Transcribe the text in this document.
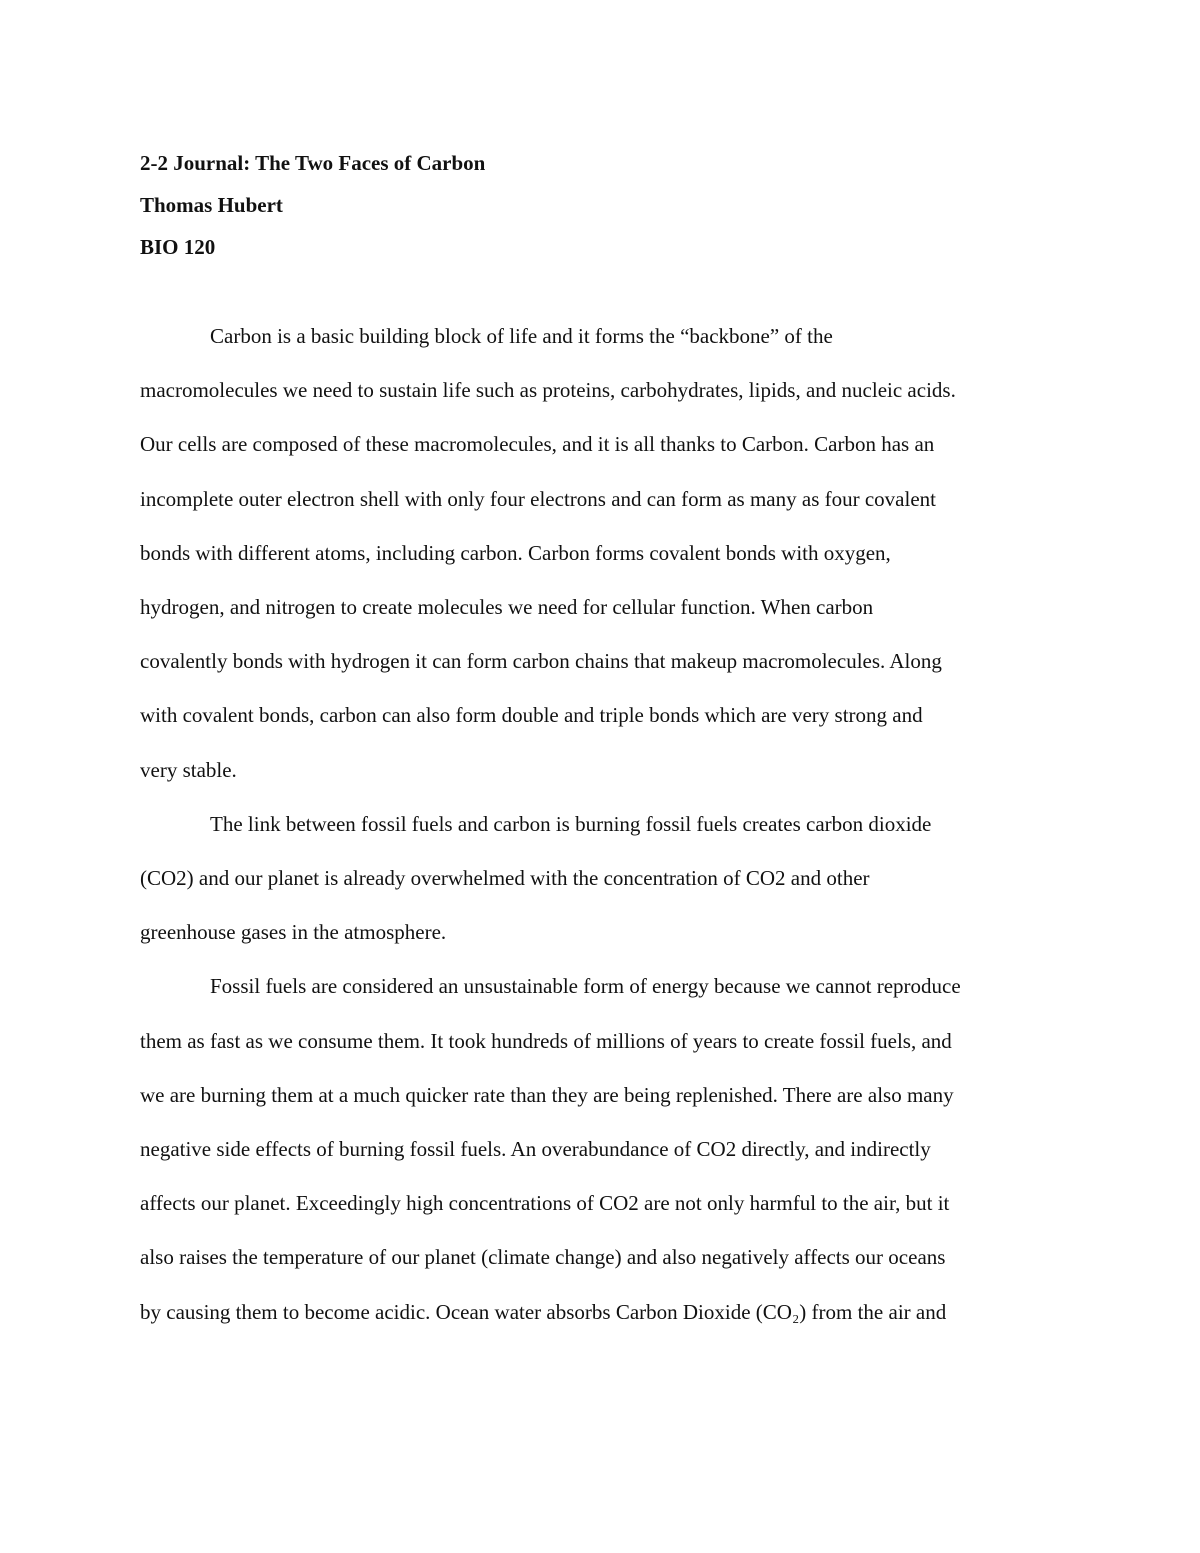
2-2 Journal: The Two Faces of Carbon
Thomas Hubert
BIO 120

Carbon is a basic building block of life and it forms the “backbone” of the
macromolecules we need to sustain life such as proteins, carbohydrates, lipids, and nucleic acids.
Our cells are composed of these macromolecules, and it is all thanks to Carbon. Carbon has an
incomplete outer electron shell with only four electrons and can form as many as four covalent
bonds with different atoms, including carbon. Carbon forms covalent bonds with oxygen,
hydrogen, and nitrogen to create molecules we need for cellular function. When carbon
covalently bonds with hydrogen it can form carbon chains that makeup macromolecules. Along
with covalent bonds, carbon can also form double and triple bonds which are very strong and
very stable.

The link between fossil fuels and carbon is burning fossil fuels creates carbon dioxide
(CO2) and our planet is already overwhelmed with the concentration of CO2 and other
greenhouse gases in the atmosphere.

Fossil fuels are considered an unsustainable form of energy because we cannot reproduce
them as fast as we consume them. It took hundreds of millions of years to create fossil fuels, and
we are burning them at a much quicker rate than they are being replenished. There are also many
negative side effects of burning fossil fuels. An overabundance of CO2 directly, and indirectly
affects our planet. Exceedingly high concentrations of CO2 are not only harmful to the air, but it
also raises the temperature of our planet (climate change) and also negatively affects our oceans
by causing them to become acidic. Ocean water absorbs Carbon Dioxide (CO₂) from the air and
